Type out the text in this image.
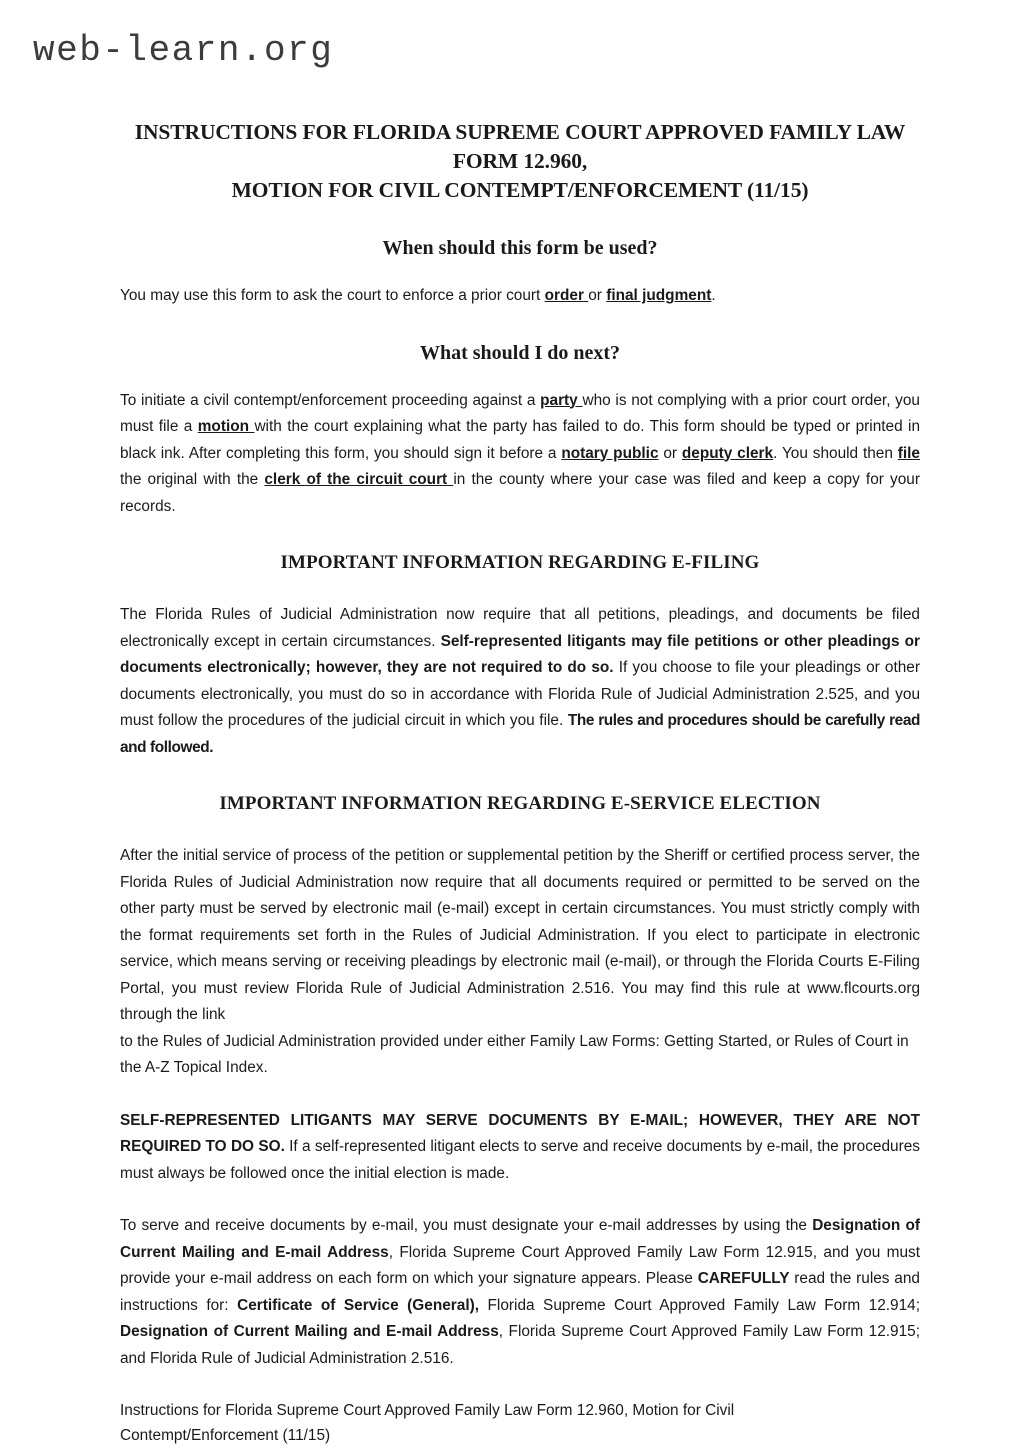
web-learn.org
INSTRUCTIONS FOR FLORIDA SUPREME COURT APPROVED FAMILY LAW
FORM 12.960,
MOTION FOR CIVIL CONTEMPT/ENFORCEMENT (11/15)
When should this form be used?

You may use this form to ask the court to enforce a prior court order or final judgment.

What should I do next?

To initiate a civil contempt/enforcement proceeding against a party who is not complying with a prior court order, you must file a motion with the court explaining what the party has failed to do. This form should be typed or printed in black ink. After completing this form, you should sign it before a notary public or deputy clerk. You should then file the original with the clerk of the circuit court in the county where your case was filed and keep a copy for your records.

IMPORTANT INFORMATION REGARDING E-FILING

The Florida Rules of Judicial Administration now require that all petitions, pleadings, and documents be filed electronically except in certain circumstances. Self-represented litigants may file petitions or other pleadings or documents electronically; however, they are not required to do so. If you choose to file your pleadings or other documents electronically, you must do so in accordance with Florida Rule of Judicial Administration 2.525, and you must follow the procedures of the judicial circuit in which you file. The rules and procedures should be carefully read and followed.

IMPORTANT INFORMATION REGARDING E-SERVICE ELECTION

After the initial service of process of the petition or supplemental petition by the Sheriff or certified process server, the Florida Rules of Judicial Administration now require that all documents required or permitted to be served on the other party must be served by electronic mail (e-mail) except in certain circumstances. You must strictly comply with the format requirements set forth in the Rules of Judicial Administration. If you elect to participate in electronic service, which means serving or receiving pleadings by electronic mail (e-mail), or through the Florida Courts E-Filing Portal, you must review Florida Rule of Judicial Administration 2.516. You may find this rule at www.flcourts.org through the link

to the Rules of Judicial Administration provided under either Family Law Forms: Getting Started, or Rules of Court in the A-Z Topical Index.

SELF-REPRESENTED LITIGANTS MAY SERVE DOCUMENTS BY E-MAIL; HOWEVER, THEY ARE NOT REQUIRED TO DO SO. If a self-represented litigant elects to serve and receive documents by e-mail, the procedures must always be followed once the initial election is made.

To serve and receive documents by e-mail, you must designate your e-mail addresses by using the Designation of Current Mailing and E-mail Address, Florida Supreme Court Approved Family Law Form 12.915, and you must provide your e-mail address on each form on which your signature appears. Please CAREFULLY read the rules and instructions for: Certificate of Service (General), Florida Supreme Court Approved Family Law Form 12.914; Designation of Current Mailing and E-mail Address, Florida Supreme Court Approved Family Law Form 12.915; and Florida Rule of Judicial Administration 2.516.

Instructions for Florida Supreme Court Approved Family Law Form 12.960, Motion for Civil

Contempt/Enforcement (11/15)
